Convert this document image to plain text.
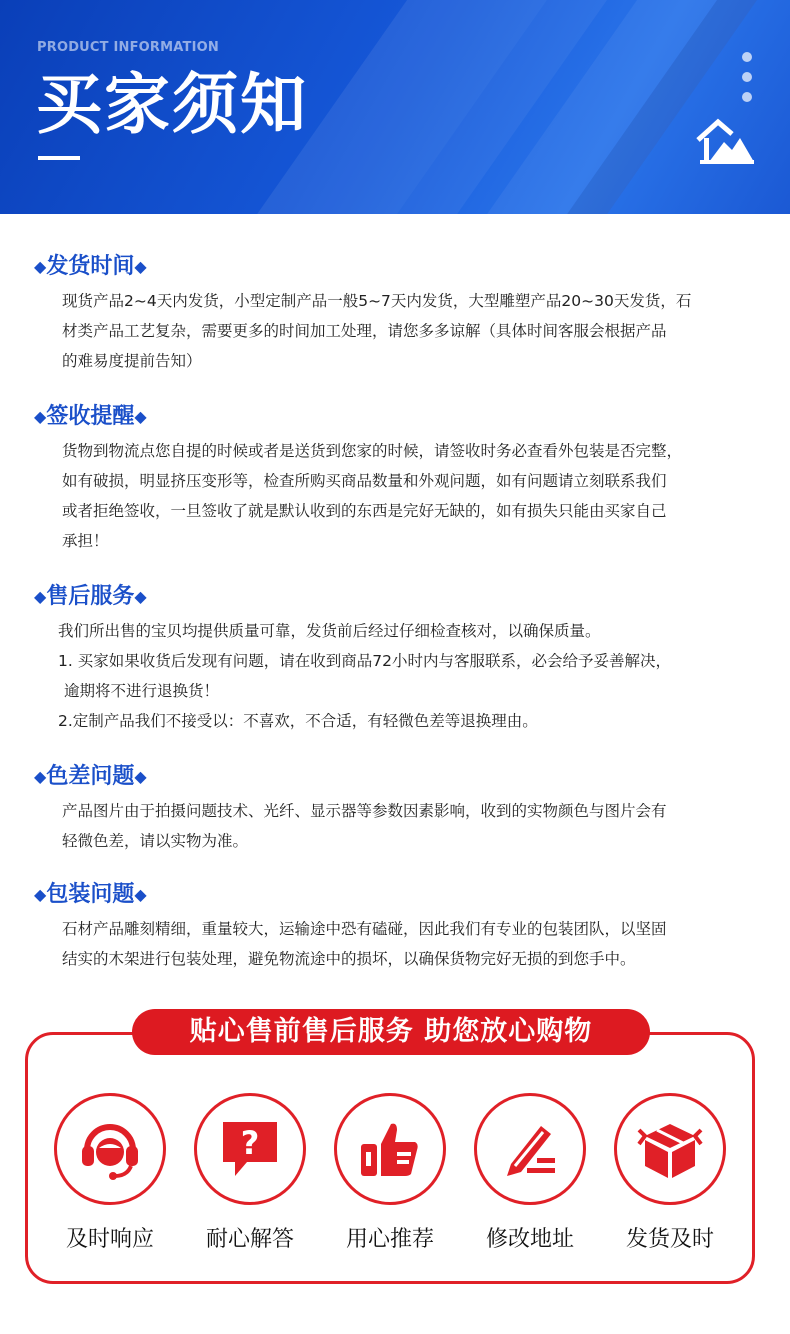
PRODUCT INFORMATION
买家须知
◆ 发货时间 ◆

现货产品2~4天内发货，小型定制产品一般5~7天内发货，大型雕塑产品20~30天发货，石

材类产品工艺复杂，需要更多的时间加工处理，请您多多谅解（具体时间客服会根据产品

的难易度提前告知）

◆ 签收提醒 ◆

货物到物流点您自提的时候或者是送货到您家的时候，请签收时务必查看外包装是否完整，

如有破损，明显挤压变形等，检查所购买商品数量和外观问题，如有问题请立刻联系我们

或者拒绝签收，一旦签收了就是默认收到的东西是完好无缺的，如有损失只能由买家自己

承担！

◆ 售后服务 ◆

我们所出售的宝贝均提供质量可靠，发货前后经过仔细检查核对，以确保质量。

1. 买家如果收货后发现有问题，请在收到商品72小时内与客服联系，必会给予妥善解决，

逾期将不进行退换货！

2.定制产品我们不接受以：不喜欢，不合适，有轻微色差等退换理由。

◆ 色差问题 ◆

产品图片由于拍摄问题技术、光纤、显示器等参数因素影响，收到的实物颜色与图片会有

轻微色差，请以实物为准。

◆ 包装问题 ◆

石材产品雕刻精细，重量较大，运输途中恐有磕碰，因此我们有专业的包装团队，以坚固

结实的木架进行包装处理，避免物流途中的损坏，以确保货物完好无损的到您手中。

贴心售前售后服务 助您放心购物
及时响应
?
耐心解答	用心推荐	修改地址	发货及时
